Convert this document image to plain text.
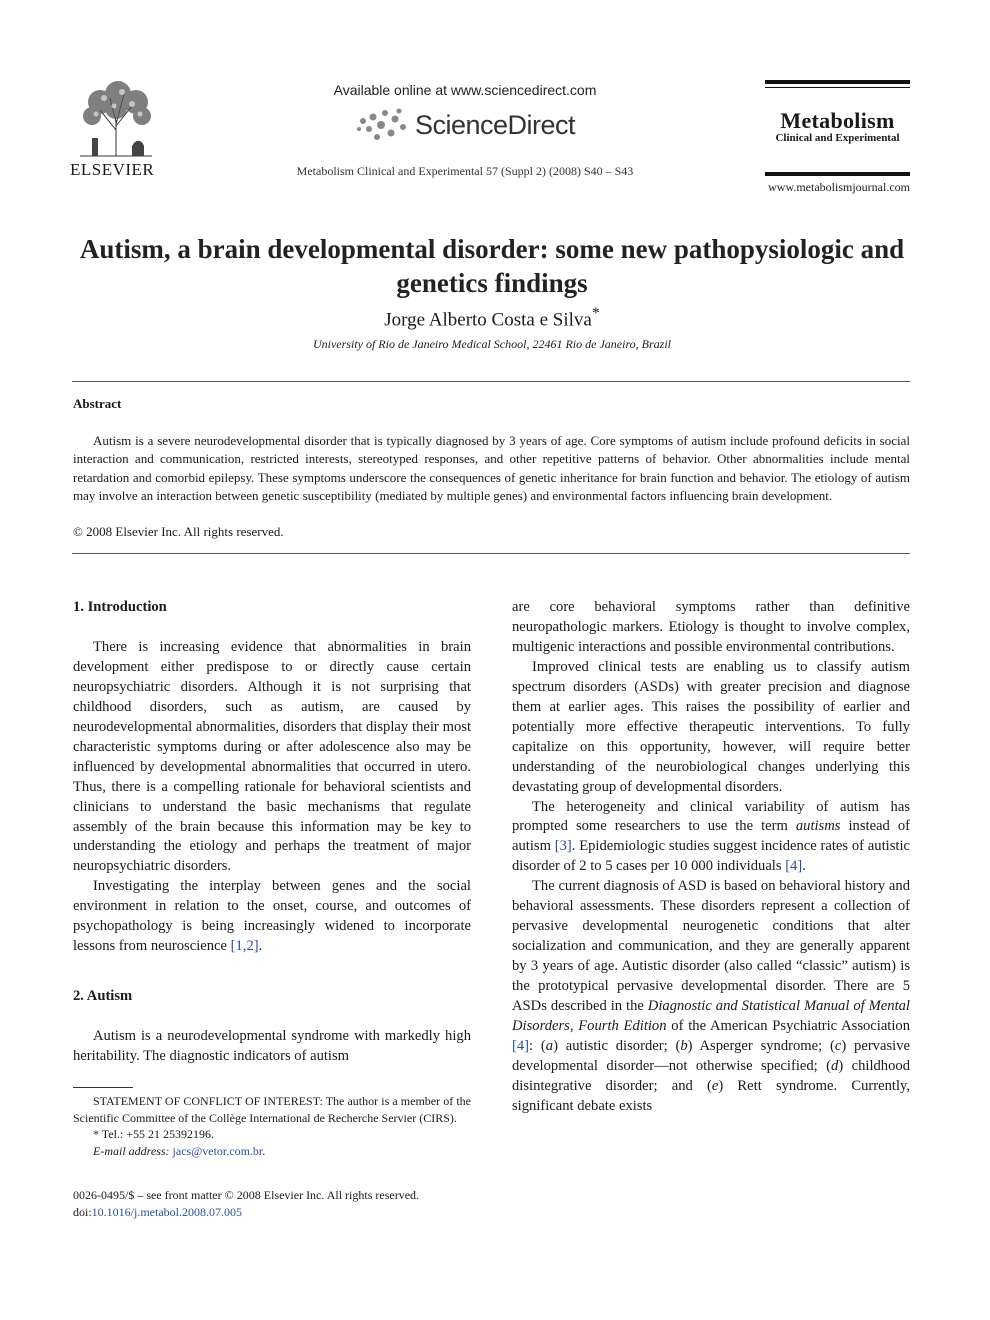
ELSEVIER
Available online at www.sciencedirect.com
ScienceDirect
Metabolism Clinical and Experimental 57 (Suppl 2) (2008) S40 – S43
Metabolism
Clinical and Experimental
www.metabolismjournal.com
Autism, a brain developmental disorder: some new pathopysiologic and genetics findings
Jorge Alberto Costa e Silva*
University of Rio de Janeiro Medical School, 22461 Rio de Janeiro, Brazil
Abstract

Autism is a severe neurodevelopmental disorder that is typically diagnosed by 3 years of age. Core symptoms of autism include profound deficits in social interaction and communication, restricted interests, stereotyped responses, and other repetitive patterns of behavior. Other abnormalities include mental retardation and comorbid epilepsy. These symptoms underscore the consequences of genetic inheritance for brain function and behavior. The etiology of autism may involve an interaction between genetic susceptibility (mediated by multiple genes) and environmental factors influencing brain development.

© 2008 Elsevier Inc. All rights reserved.
1. Introduction

There is increasing evidence that abnormalities in brain development either predispose to or directly cause certain neuropsychiatric disorders. Although it is not surprising that childhood disorders, such as autism, are caused by neurodevelopmental abnormalities, disorders that display their most characteristic symptoms during or after adolescence also may be influenced by developmental abnormalities that occurred in utero. Thus, there is a compelling rationale for behavioral scientists and clinicians to understand the basic mechanisms that regulate assembly of the brain because this information may be key to understanding the etiology and perhaps the treatment of major neuropsychiatric disorders.

Investigating the interplay between genes and the social environment in relation to the onset, course, and outcomes of psychopathology is being increasingly widened to incorporate lessons from neuroscience [1,2].

2. Autism

Autism is a neurodevelopmental syndrome with markedly high heritability. The diagnostic indicators of autism

are core behavioral symptoms rather than definitive neuropathologic markers. Etiology is thought to involve complex, multigenic interactions and possible environmental contributions.

Improved clinical tests are enabling us to classify autism spectrum disorders (ASDs) with greater precision and diagnose them at earlier ages. This raises the possibility of earlier and potentially more effective therapeutic interventions. To fully capitalize on this opportunity, however, will require better understanding of the neurobiological changes underlying this devastating group of developmental disorders.

The heterogeneity and clinical variability of autism has prompted some researchers to use the term autisms instead of autism [3]. Epidemiologic studies suggest incidence rates of autistic disorder of 2 to 5 cases per 10 000 individuals [4].

The current diagnosis of ASD is based on behavioral history and behavioral assessments. These disorders represent a collection of pervasive developmental neurogenetic conditions that alter socialization and communication, and they are generally apparent by 3 years of age. Autistic disorder (also called “classic” autism) is the prototypical pervasive developmental disorder. There are 5 ASDs described in the Diagnostic and Statistical Manual of Mental Disorders, Fourth Edition of the American Psychiatric Association [4]: (a) autistic disorder; (b) Asperger syndrome; (c) pervasive developmental disorder—not otherwise specified; (d) childhood disintegrative disorder; and (e) Rett syndrome. Currently, significant debate exists

STATEMENT OF CONFLICT OF INTEREST: The author is a member of the Scientific Committee of the Collège International de Recherche Servier (CIRS).

* Tel.: +55 21 25392196.

E-mail address: jacs@vetor.com.br.

0026-0495/$ – see front matter © 2008 Elsevier Inc. All rights reserved.
doi:10.1016/j.metabol.2008.07.005
